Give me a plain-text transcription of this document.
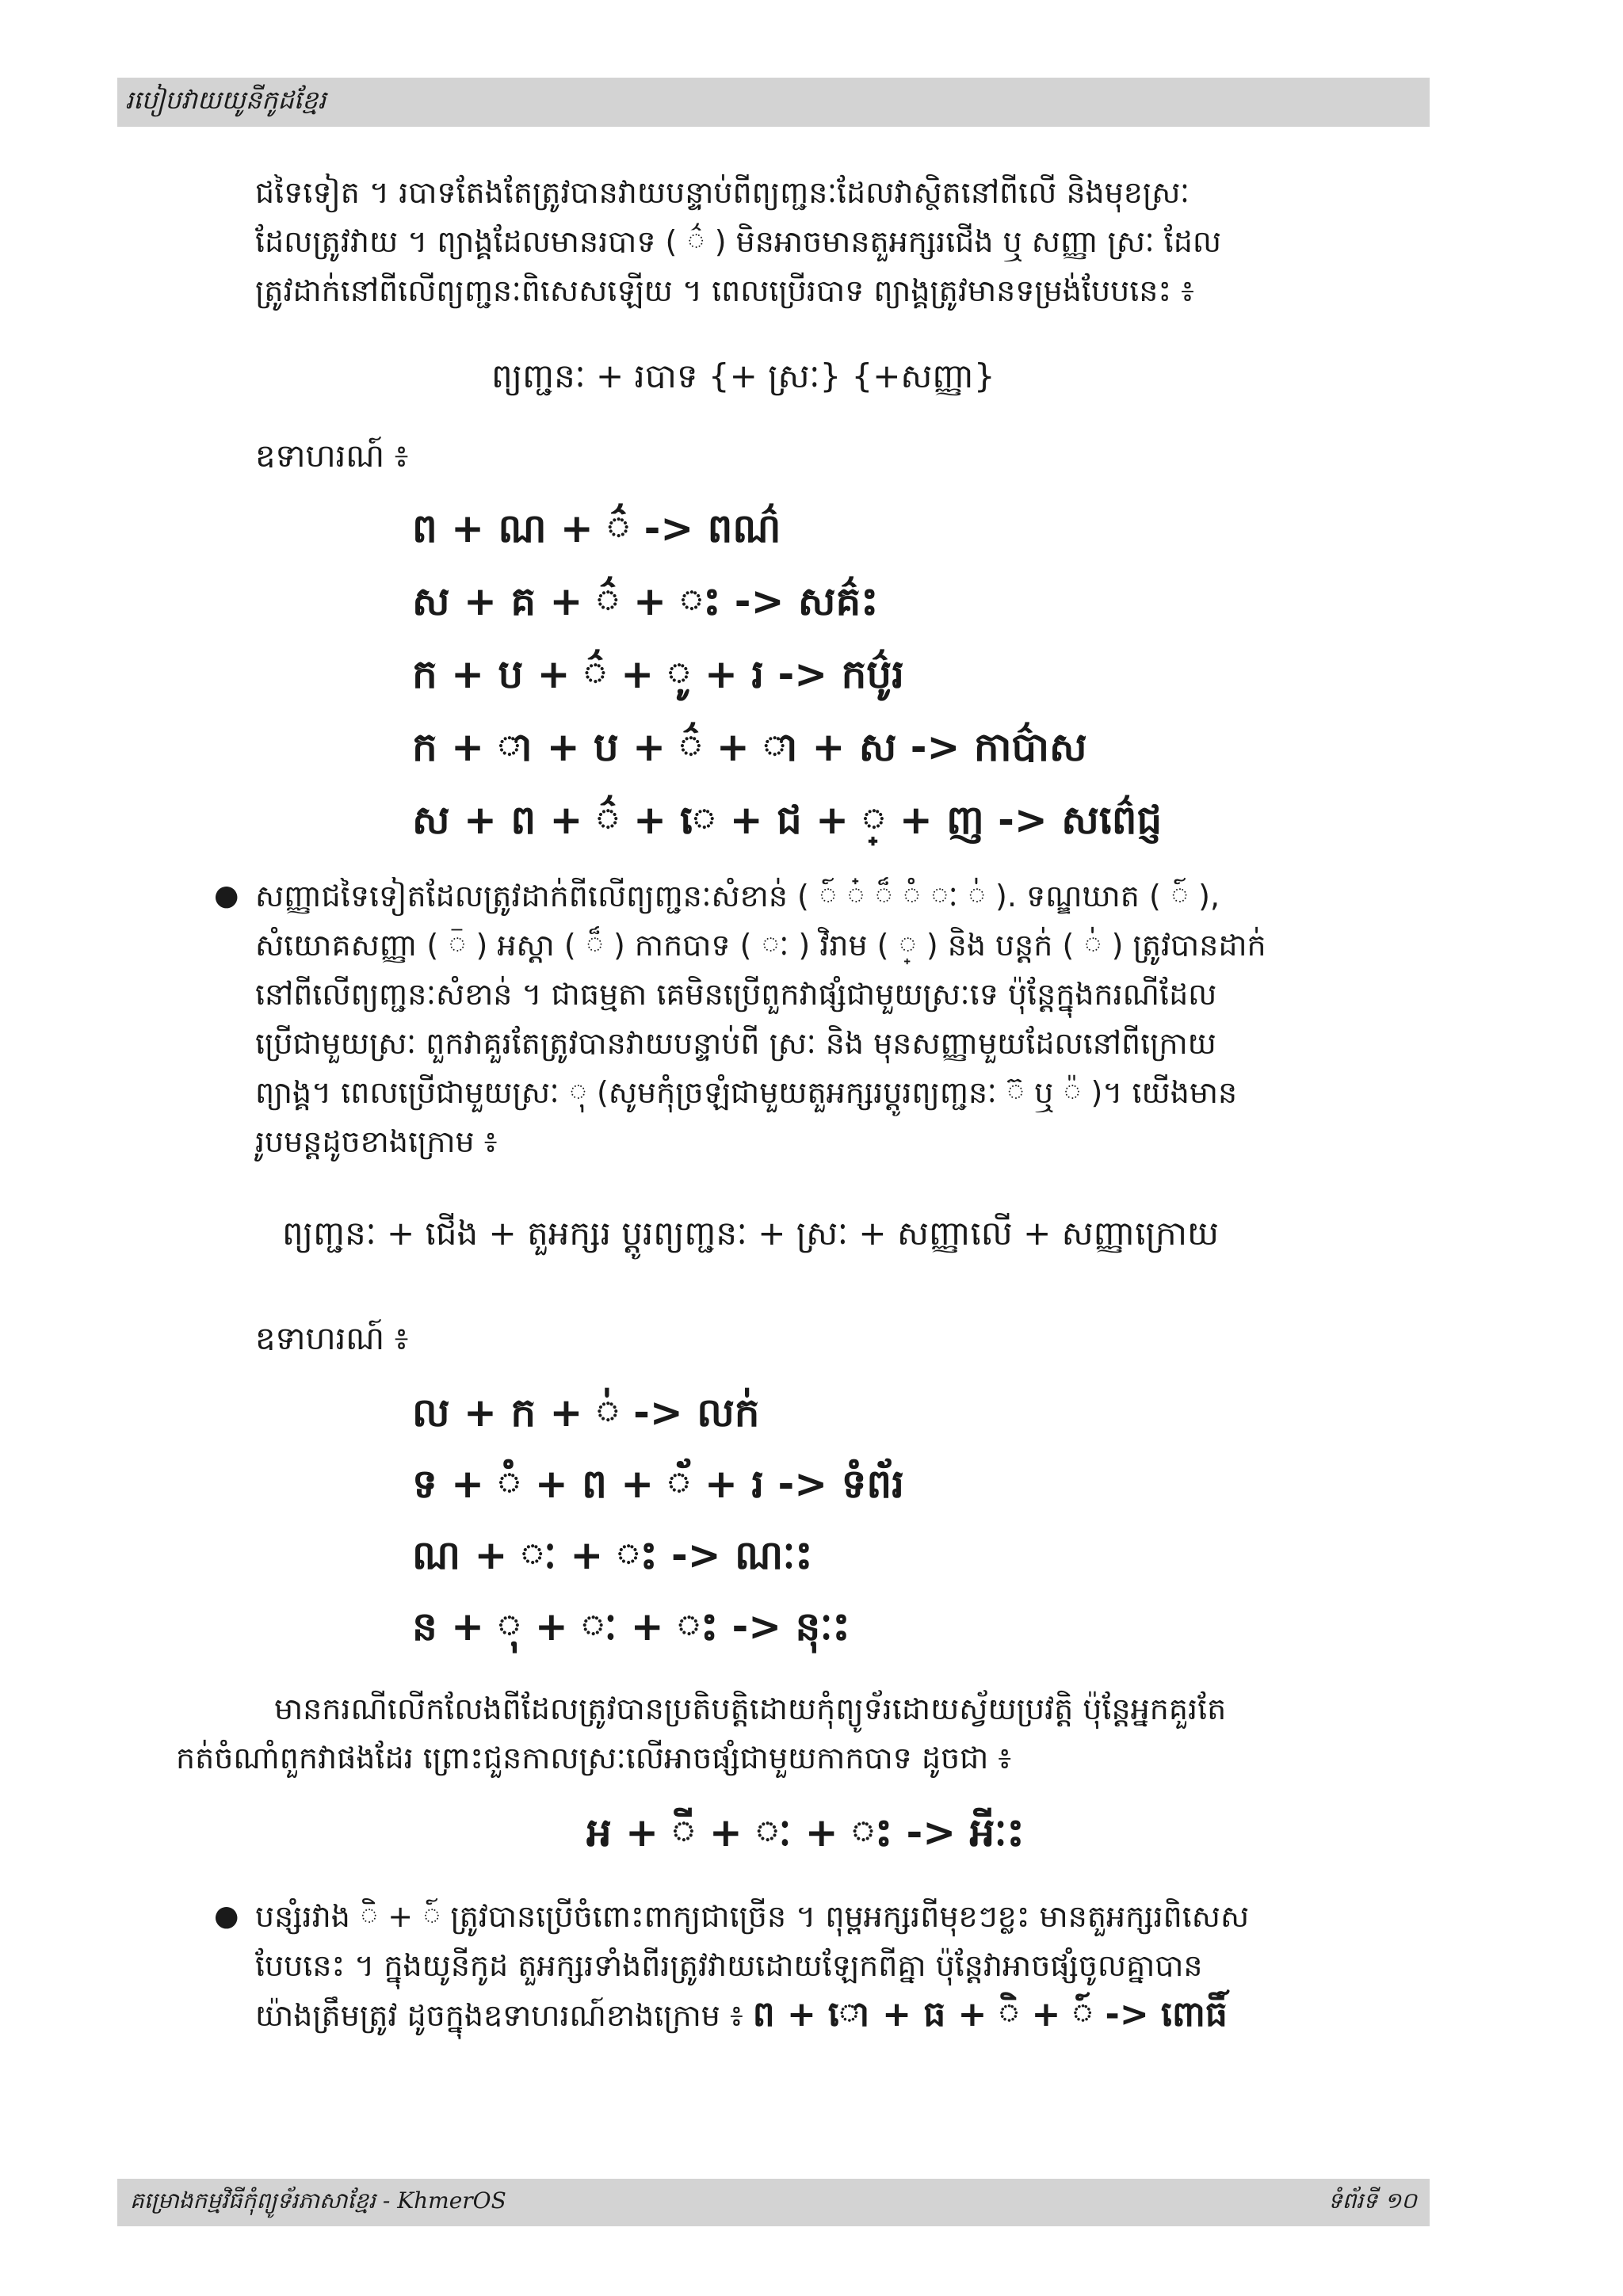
របៀបវាយយូនីកូដខ្មែរ

ជទៃទៀត ។ របាទតែងតែត្រូវបានវាយបន្ទាប់ពីព្យញ្ជនៈដែលវាស្ថិតនៅពីលើ និងមុខស្រៈ

ដែលត្រូវវាយ ។ ព្យាង្គដែលមានរបាទ ( ៌ ) មិនអាចមានតួអក្សរជើង ឬ សញ្ញា ស្រៈ ដែល

ត្រូវដាក់នៅពីលើព្យញ្ជនៈពិសេសឡើយ ។ ពេលប្រើរបាទ ព្យាង្គត្រូវមានទម្រង់បែបនេះ ៖

ព្យញ្ជនៈ + របាទ {+ ស្រៈ} {+សញ្ញា}

ឧទាហរណ៍ ៖

ព + ណ + ៌ -> ពណ៌

ស + គ + ៌ + ះ -> សគ៌ះ

ក + ប + ៌ + ូ + រ -> កប៌ូរ

ក + ា + ប + ៌ + ា + ស -> កាប៌ាស

ស + ព + ៌ + េ + ជ + ្ + ញ -> សព៌េជ្ញ

● សញ្ញាជទៃទៀតដែលត្រូវដាក់ពីលើព្យញ្ជនៈសំខាន់ ( ៍ ៎ ៏ ំ ៈ ់ ). ទណ្ឌឃាត ( ៍ ),

សំយោគសញ្ញា ( ៑ ) អស្តា ( ៏ ) កាកបាទ ( ៈ ) វិរាម ( ្ ) និង បន្តក់ ( ់ ) ត្រូវបានដាក់

នៅពីលើព្យញ្ជនៈសំខាន់ ។ ជាធម្មតា គេមិនប្រើពួកវាផ្សំជាមួយស្រៈទេ ប៉ុន្តែក្នុងករណីដែល

ប្រើជាមួយស្រៈ ពួកវាគួរតែត្រូវបានវាយបន្ទាប់ពី ស្រៈ និង មុនសញ្ញាមួយដែលនៅពីក្រោយ

ព្យាង្គ។ ពេលប្រើជាមួយស្រៈ ុ (សូមកុំច្រឡំជាមួយតួអក្សរប្តូរព្យញ្ជនៈ ៊ ឬ ៉ )។ យើងមាន

រូបមន្តដូចខាងក្រោម ៖

ព្យញ្ជនៈ + ជើង + តួអក្សរ ប្តូរព្យញ្ជនៈ + ស្រៈ + សញ្ញាលើ + សញ្ញាក្រោយ

ឧទាហរណ៍ ៖

ល + ក + ់ -> លក់

ទ + ំ + ព + ័ + រ -> ទំព័រ

ណ + ៈ + ះ -> ណៈះ

ន + ុ + ៈ + ះ -> នុៈះ

មានករណីលើកលែងពីដែលត្រូវបានប្រតិបត្តិដោយកុំព្យូទ័រដោយស្វ័យប្រវត្តិ ប៉ុន្តែអ្នកគួរតែ

កត់ចំណាំពួកវាផងដែរ ព្រោះជួនកាលស្រៈលើអាចផ្សំជាមួយកាកបាទ ដូចជា ៖

អ + ី + ៈ + ះ -> អីៈះ

● បន្សំរវាង ិ + ៍ ត្រូវបានប្រើចំពោះពាក្យជាច្រើន ។ ពុម្ពអក្សរពីមុខៗខ្លះ មានតួអក្សរពិសេស

បែបនេះ ។ ក្នុងយូនីកូដ តួអក្សរទាំងពីរត្រូវវាយដោយឡែកពីគ្នា ប៉ុន្តែវាអាចផ្សំចូលគ្នាបាន

យ៉ាងត្រឹមត្រូវ ដូចក្នុងឧទាហរណ៍ខាងក្រោម ៖ ព + ោ + ធ + ិ + ៍ -> ពោធិ៍

គម្រោងកម្មវិធីកុំព្យូទ័រភាសាខ្មែរ - KhmerOS	ទំព័រទី ១០
